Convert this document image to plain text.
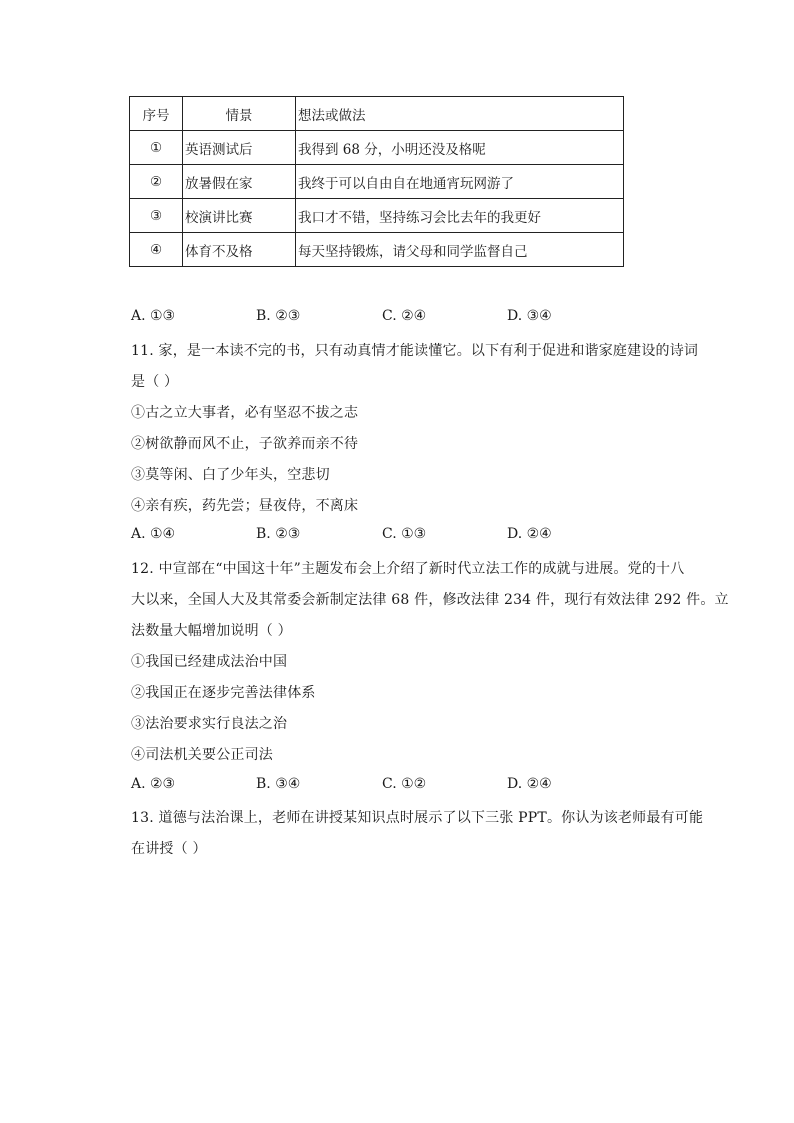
序号	情景	想法或做法
①	英语测试后	我得到 68 分，小明还没及格呢
②	放暑假在家	我终于可以自由自在地通宵玩网游了
③	校演讲比赛	我口才不错，坚持练习会比去年的我更好
④	体育不及格	每天坚持锻炼，请父母和同学监督自己
A. ①③	B. ②③	C. ②④	D. ③④
11. 家，是一本读不完的书，只有动真情才能读懂它。以下有利于促进和谐家庭建设的诗词
是（ ）
①古之立大事者，必有坚忍不拔之志
②树欲静而风不止，子欲养而亲不待
③莫等闲、白了少年头，空悲切
④亲有疾，药先尝；昼夜侍，不离床
A. ①④	B. ②③	C. ①③	D. ②④
12. 中宣部在“中国这十年”主题发布会上介绍了新时代立法工作的成就与进展。党的十八
大以来，全国人大及其常委会新制定法律 68 件，修改法律 234 件，现行有效法律 292 件。立
法数量大幅增加说明（ ）
①我国已经建成法治中国
②我国正在逐步完善法律体系
③法治要求实行良法之治
④司法机关要公正司法
A. ②③	B. ③④	C. ①②	D. ②④
13. 道德与法治课上，老师在讲授某知识点时展示了以下三张 PPT。你认为该老师最有可能
在讲授（ ）
